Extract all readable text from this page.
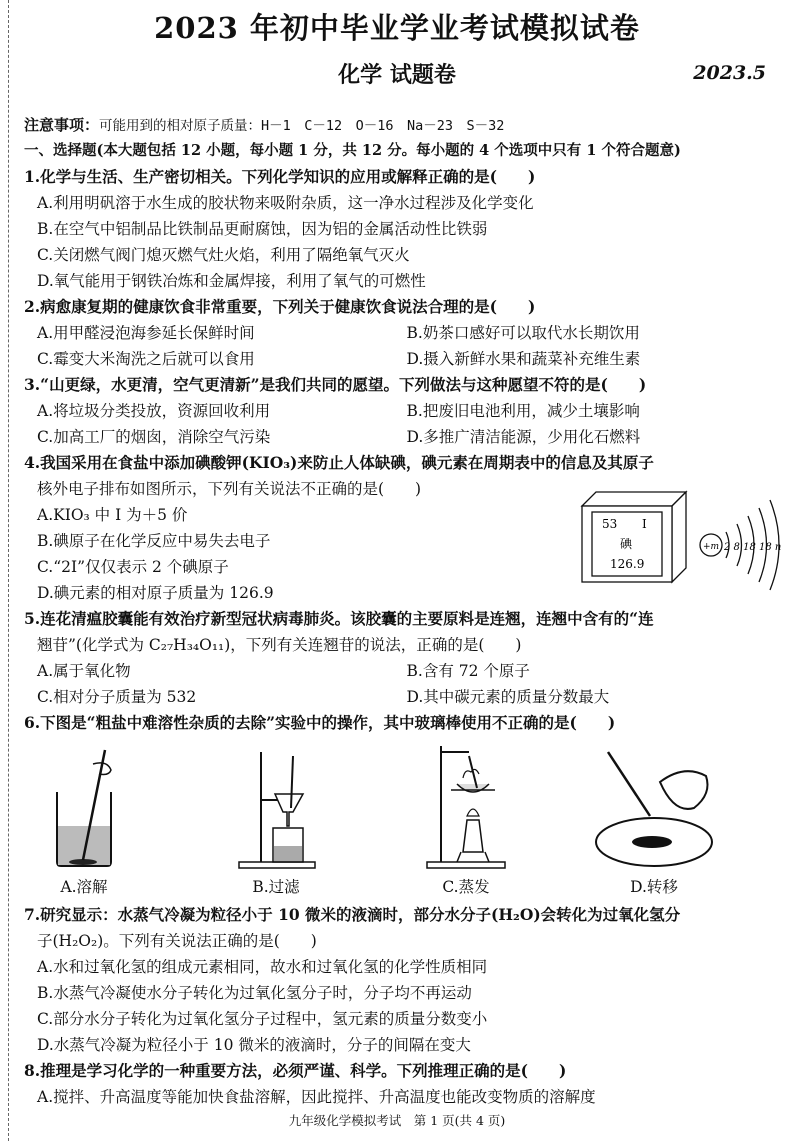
2023 年初中毕业学业考试模拟试卷
化学 试题卷	2023.5
注意事项：可能用到的相对原子质量：H－1　C－12　O－16　Na－23　S－32
一、选择题(本大题包括 12 小题，每小题 1 分，共 12 分。每小题的 4 个选项中只有 1 个符合题意)
1.化学与生活、生产密切相关。下列化学知识的应用或解释正确的是(　　)
A.利用明矾溶于水生成的胶状物来吸附杂质，这一净水过程涉及化学变化
B.在空气中铝制品比铁制品更耐腐蚀，因为铝的金属活动性比铁弱
C.关闭燃气阀门熄灭燃气灶火焰，利用了隔绝氧气灭火
D.氧气能用于钢铁冶炼和金属焊接，利用了氧气的可燃性
2.病愈康复期的健康饮食非常重要，下列关于健康饮食说法合理的是(　　)
A.用甲醛浸泡海参延长保鲜时间	B.奶茶口感好可以取代水长期饮用
C.霉变大米淘洗之后就可以食用	D.摄入新鲜水果和蔬菜补充维生素
3.“山更绿，水更清，空气更清新”是我们共同的愿望。下列做法与这种愿望不符的是(　　)
A.将垃圾分类投放，资源回收利用	B.把废旧电池利用，减少土壤影响
C.加高工厂的烟囱，消除空气污染	D.多推广清洁能源，少用化石燃料
4.我国采用在食盐中添加碘酸钾(KIO₃)来防止人体缺碘，碘元素在周期表中的信息及其原子
核外电子排布如图所示，下列有关说法不正确的是(　　)
A.KIO₃ 中 I 为＋5 价
B.碘原子在化学反应中易失去电子
C.“2I”仅仅表示 2 个碘原子
D.碘元素的相对原子质量为 126.9
53 I
碘
126.9
+m 2 8 18 18 n
5.连花清瘟胶囊能有效治疗新型冠状病毒肺炎。该胶囊的主要原料是连翘，连翘中含有的“连
翘苷”(化学式为 C₂₇H₃₄O₁₁)，下列有关连翘苷的说法，正确的是(　　)
A.属于氧化物	B.含有 72 个原子
C.相对分子质量为 532	D.其中碳元素的质量分数最大
6.下图是“粗盐中难溶性杂质的去除”实验中的操作，其中玻璃棒使用不正确的是(　　)
A.溶解	B.过滤	C.蒸发	D.转移
7.研究显示：水蒸气冷凝为粒径小于 10 微米的液滴时，部分水分子(H₂O)会转化为过氧化氢分
子(H₂O₂)。下列有关说法正确的是(　　)
A.水和过氧化氢的组成元素相同，故水和过氧化氢的化学性质相同
B.水蒸气冷凝使水分子转化为过氧化氢分子时，分子均不再运动
C.部分水分子转化为过氧化氢分子过程中，氢元素的质量分数变小
D.水蒸气冷凝为粒径小于 10 微米的液滴时，分子的间隔在变大
8.推理是学习化学的一种重要方法，必须严谨、科学。下列推理正确的是(　　)
A.搅拌、升高温度等能加快食盐溶解，因此搅拌、升高温度也能改变物质的溶解度
九年级化学模拟考试　第 1 页(共 4 页)
